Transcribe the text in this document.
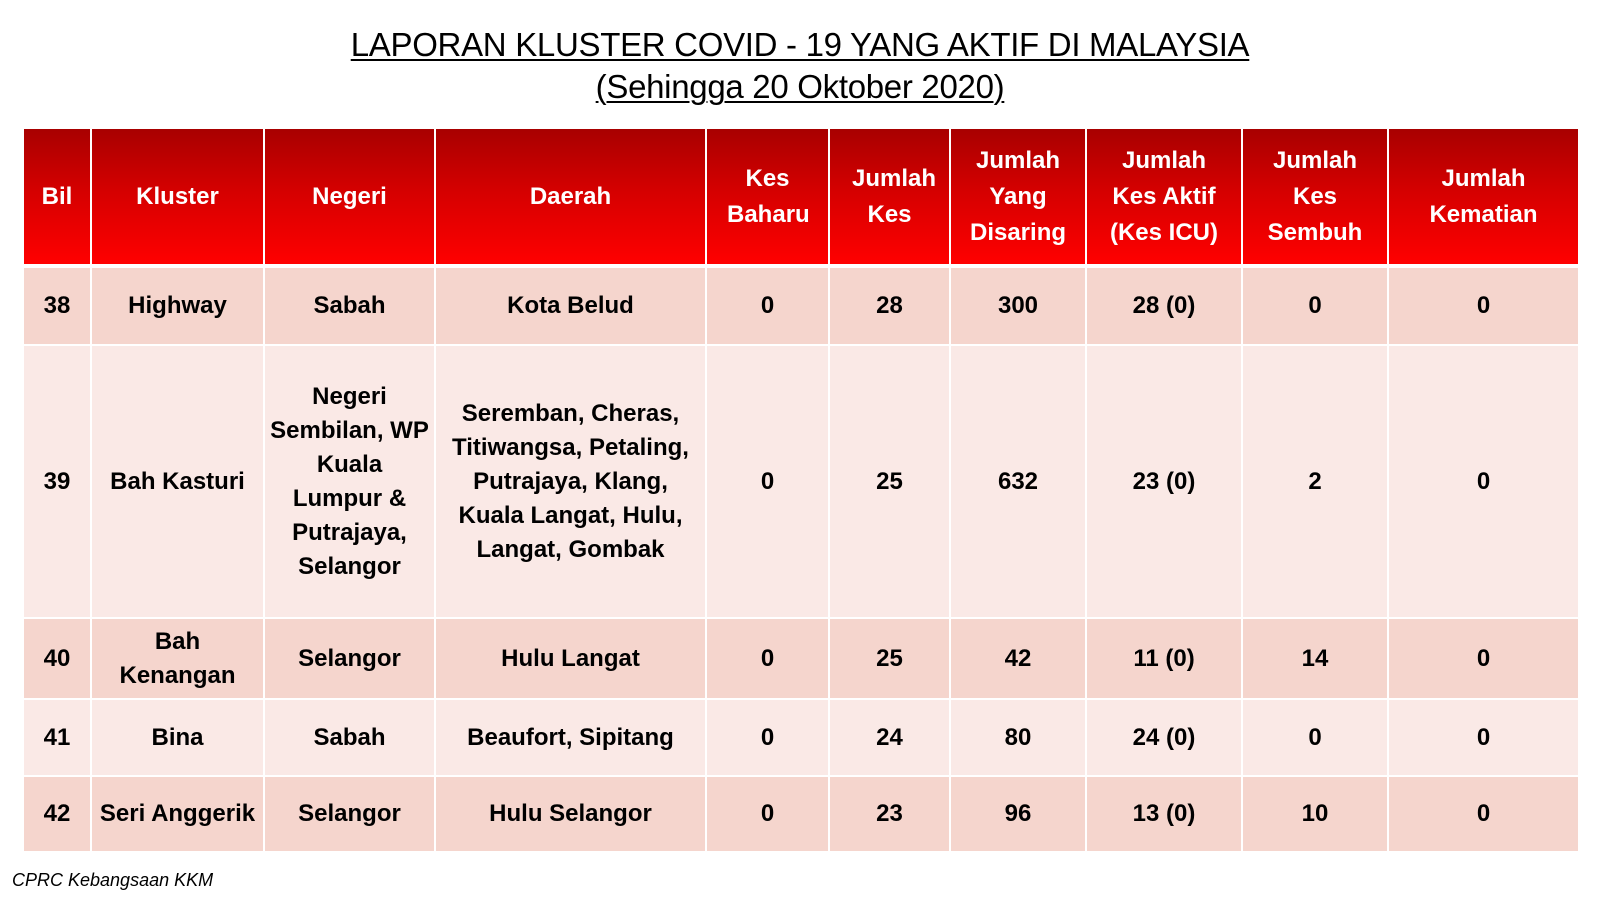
LAPORAN KLUSTER COVID - 19 YANG AKTIF DI MALAYSIA
(Sehingga 20 Oktober 2020)
Bil	Kluster	Negeri	Daerah	Kes Baharu	Jumlah Kes	Jumlah Yang Disaring	Jumlah Kes Aktif (Kes ICU)	Jumlah Kes Sembuh	Jumlah Kematian
38	Highway	Sabah	Kota Belud	0	28	300	28 (0)	0	0
39	Bah Kasturi	Negeri Sembilan, WP Kuala Lumpur & Putrajaya, Selangor	Seremban, Cheras, Titiwangsa, Petaling, Putrajaya, Klang, Kuala Langat, Hulu, Langat, Gombak	0	25	632	23 (0)	2	0
40	Bah Kenangan	Selangor	Hulu Langat	0	25	42	11 (0)	14	0
41	Bina	Sabah	Beaufort, Sipitang	0	24	80	24 (0)	0	0
42	Seri Anggerik	Selangor	Hulu Selangor	0	23	96	13 (0)	10	0
CPRC Kebangsaan KKM
